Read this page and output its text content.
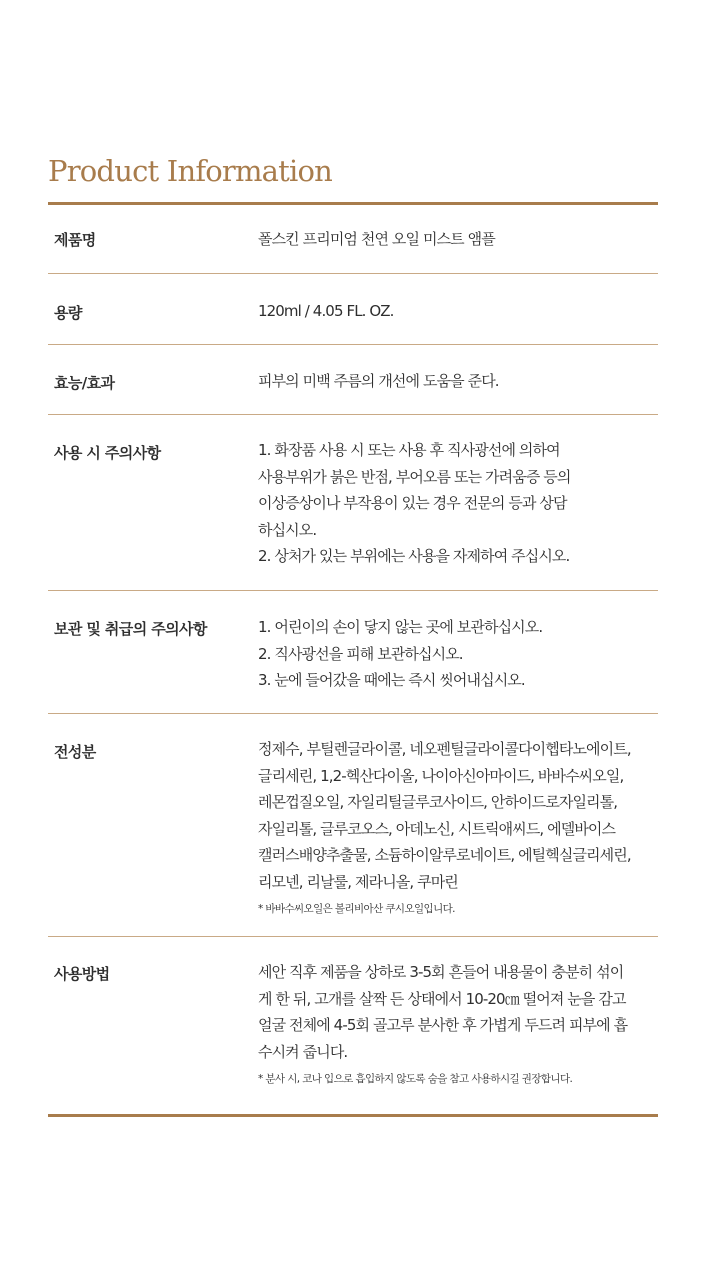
Product Information
제품명	폴스킨 프리미엄 천연 오일 미스트 앰플
용량	120ml / 4.05 FL. OZ.
효능/효과	피부의 미백 주름의 개선에 도움을 준다.
사용 시 주의사항	1. 화장품 사용 시 또는 사용 후 직사광선에 의하여
사용부위가 붉은 반점, 부어오름 또는 가려움증 등의
이상증상이나 부작용이 있는 경우 전문의 등과 상담
하십시오.
2. 상처가 있는 부위에는 사용을 자제하여 주십시오.
보관 및 취급의 주의사항	1. 어린이의 손이 닿지 않는 곳에 보관하십시오.
2. 직사광선을 피해 보관하십시오.
3. 눈에 들어갔을 때에는 즉시 씻어내십시오.
전성분	정제수, 부틸렌글라이콜, 네오펜틸글라이콜다이헵타노에이트,
글리세린, 1,2-헥산다이올, 나이아신아마이드, 바바수씨오일,
레몬껍질오일, 자일리틸글루코사이드, 안하이드로자일리톨,
자일리톨, 글루코오스, 아데노신, 시트릭애씨드, 에델바이스
캘러스배양추출물, 소듐하이알루로네이트, 에틸헥실글리세린,
리모넨, 리날룰, 제라니올, 쿠마린
* 바바수씨오일은 볼리비아산 쿠시오일입니다.
사용방법	세안 직후 제품을 상하로 3-5회 흔들어 내용물이 충분히 섞이
게 한 뒤, 고개를 살짝 든 상태에서 10-20㎝ 떨어져 눈을 감고
얼굴 전체에 4-5회 골고루 분사한 후 가볍게 두드려 피부에 흡
수시켜 줍니다.
* 분사 시, 코나 입으로 흡입하지 않도록 숨을 참고 사용하시길 권장합니다.
